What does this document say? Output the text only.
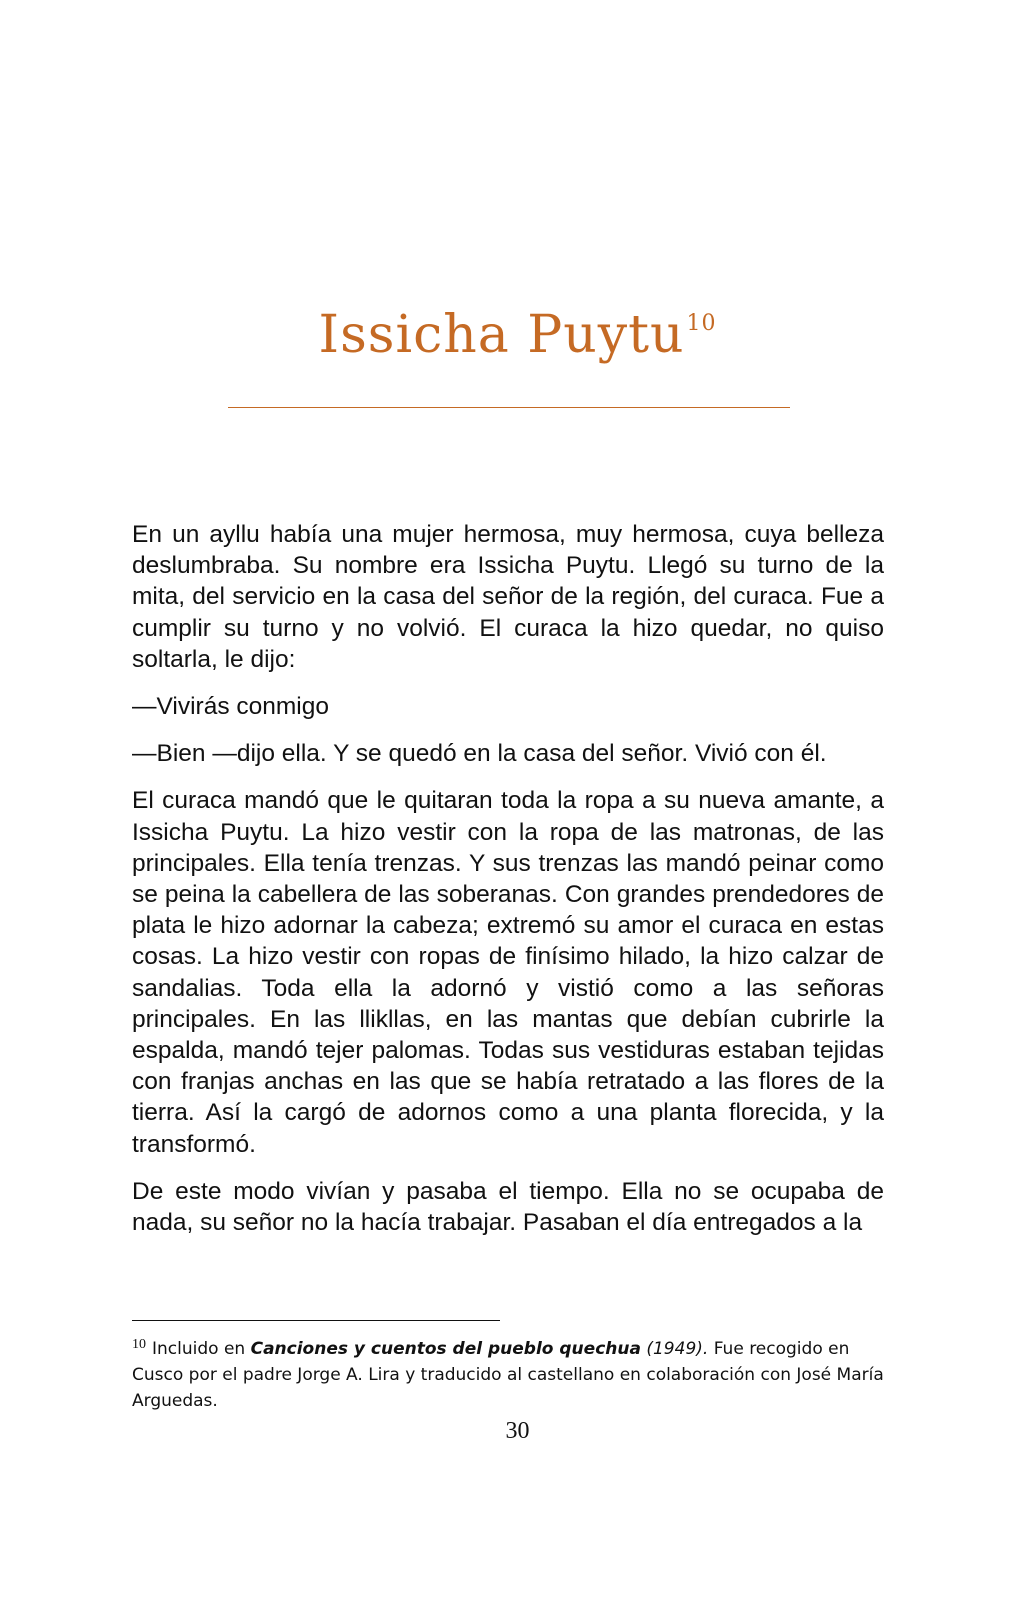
Issicha Puytu$^{10}$

En un ayllu había una mujer hermosa, muy hermosa, cuya belleza deslumbraba. Su nombre era Issicha Puytu. Llegó su turno de la mita, del servicio en la casa del señor de la región, del curaca. Fue a cumplir su turno y no volvió. El curaca la hizo quedar, no quiso soltarla, le dijo:

—Vivirás conmigo

—Bien —dijo ella. Y se quedó en la casa del señor. Vivió con él.

El curaca mandó que le quitaran toda la ropa a su nueva amante, a Issicha Puytu. La hizo vestir con la ropa de las matronas, de las principales. Ella tenía trenzas. Y sus trenzas las mandó peinar como se peina la cabellera de las soberanas. Con grandes prendedores de plata le hizo adornar la cabeza; extremó su amor el curaca en estas cosas. La hizo vestir con ropas de finísimo hilado, la hizo calzar de sandalias. Toda ella la adornó y vistió como a las señoras principales. En las llikllas, en las mantas que debían cubrirle la espalda, mandó tejer palomas. Todas sus vestiduras estaban tejidas con franjas anchas en las que se había retratado a las flores de la tierra. Así la cargó de adornos como a una planta florecida, y la transformó.

De este modo vivían y pasaba el tiempo. Ella no se ocupaba de nada, su señor no la hacía trabajar. Pasaban el día entregados a la

$^{10}$ Incluido en Canciones y cuentos del pueblo quechua (1949). Fue recogido en Cusco por el padre Jorge A. Lira y traducido al castellano en colaboración con José María Arguedas.
30
